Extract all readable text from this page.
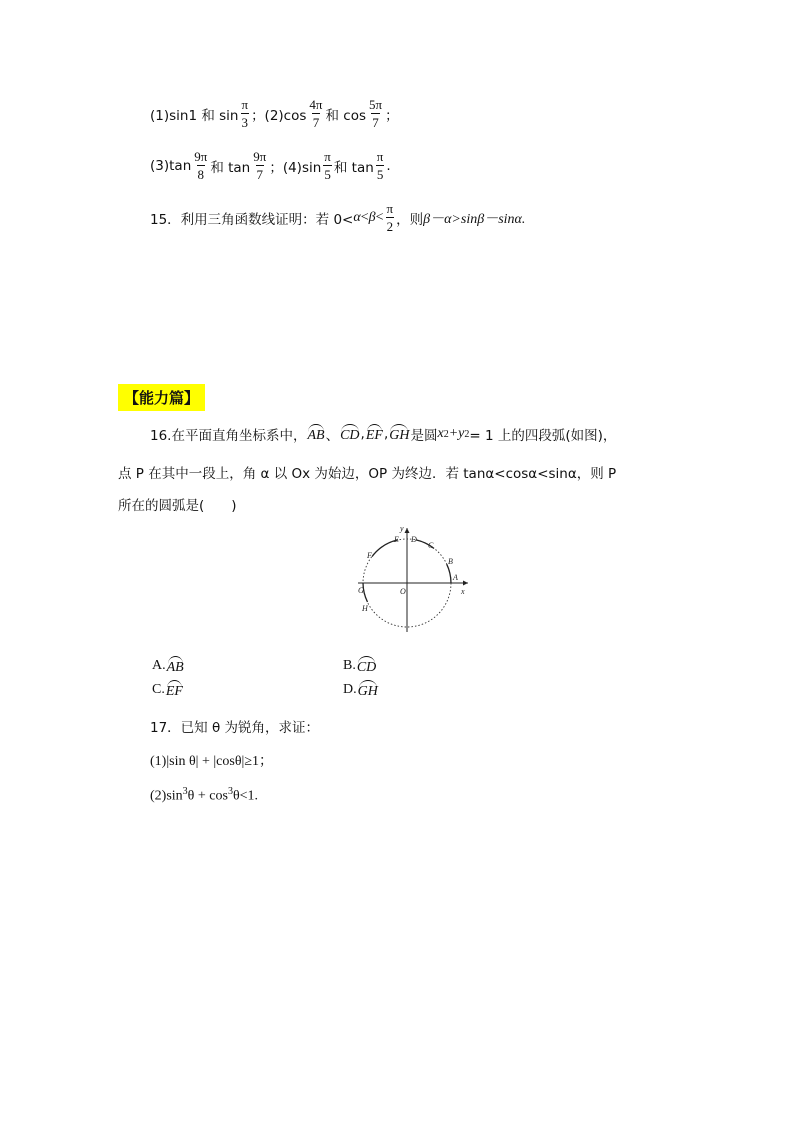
(1)sin1 和 $\sin \frac{\pi}{3}$ ；$(2)\cos \frac{4\pi}{7}$ 和 $\cos \frac{5\pi}{7}$ ；
$(3)\tan \frac{9\pi}{8}$ 和 $\tan \frac{9\pi}{7}$ ；$(4)\sin \frac{\pi}{5}$ 和 $\tan \frac{\pi}{5}$ .
15．利用三角函数线证明：若 $0< \alpha < \beta < \frac{\pi}{2}$ ，则 β－α>sinβ－sinα.
【能力篇】
16.在平面直角坐标系中， AB 、 CD , EF , GH 是圆 x 2 +y 2 = 1 上的四段弧(如图)，
点 P 在其中一段上，角 α 以 Ox 为始边，OP 为终边．若 tanα<cosα<sinα，则 P
所在的圆弧是(　　)
y
E D
C
B
F
A
G	O	x
H
A. AB	B. CD
C. EF	D. GH
17．已知 θ 为锐角，求证：
(1)|sin θ| + |cosθ|≥1；
$(2)\sin^3\theta + \cos^3\theta<1$.
